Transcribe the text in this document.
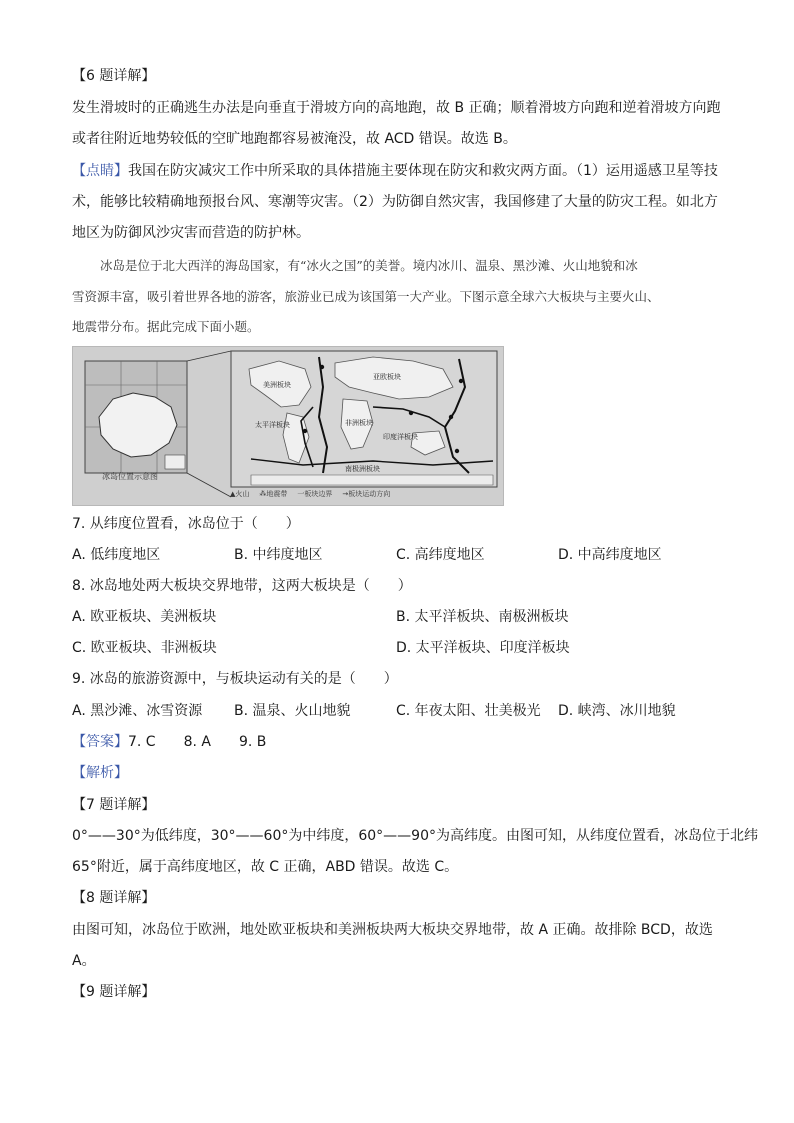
【6 题详解】
发生滑坡时的正确逃生办法是向垂直于滑坡方向的高地跑，故 B 正确；顺着滑坡方向跑和逆着滑坡方向跑
或者往附近地势较低的空旷地跑都容易被淹没，故 ACD 错误。故选 B。
【点睛】我国在防灾减灾工作中所采取的具体措施主要体现在防灾和救灾两方面。（1）运用遥感卫星等技
术，能够比较精确地预报台风、寒潮等灾害。（2）为防御自然灾害，我国修建了大量的防灾工程。如北方
地区为防御风沙灾害而营造的防护林。
冰岛是位于北大西洋的海岛国家，有“冰火之国”的美誉。境内冰川、温泉、黑沙滩、火山地貌和冰
雪资源丰富，吸引着世界各地的游客，旅游业已成为该国第一大产业。下图示意全球六大板块与主要火山、
地震带分布。据此完成下面小题。
亚欧板块
太平洋板块
美洲板块
非洲板块
印度洋板块
南极洲板块
冰岛位置示意图
▲火山 ⁂地震带 一板块边界 →板块运动方向
7. 从纬度位置看，冰岛位于（　　）
A. 低纬度地区	B. 中纬度地区	C. 高纬度地区	D. 中高纬度地区
8. 冰岛地处两大板块交界地带，这两大板块是（　　）
A. 欧亚板块、美洲板块	B. 太平洋板块、南极洲板块
C. 欧亚板块、非洲板块	D. 太平洋板块、印度洋板块
9. 冰岛的旅游资源中，与板块运动有关的是（　　）
A. 黑沙滩、冰雪资源 B. 温泉、火山地貌	C. 年夜太阳、壮美极光 D. 峡湾、冰川地貌
【答案】7. C　　8. A　　9. B
【解析】
【7 题详解】
0°——30°为低纬度，30°——60°为中纬度，60°——90°为高纬度。由图可知，从纬度位置看，冰岛位于北纬
65°附近，属于高纬度地区，故 C 正确，ABD 错误。故选 C。
【8 题详解】
由图可知，冰岛位于欧洲，地处欧亚板块和美洲板块两大板块交界地带，故 A 正确。故排除 BCD，故选
A。
【9 题详解】
